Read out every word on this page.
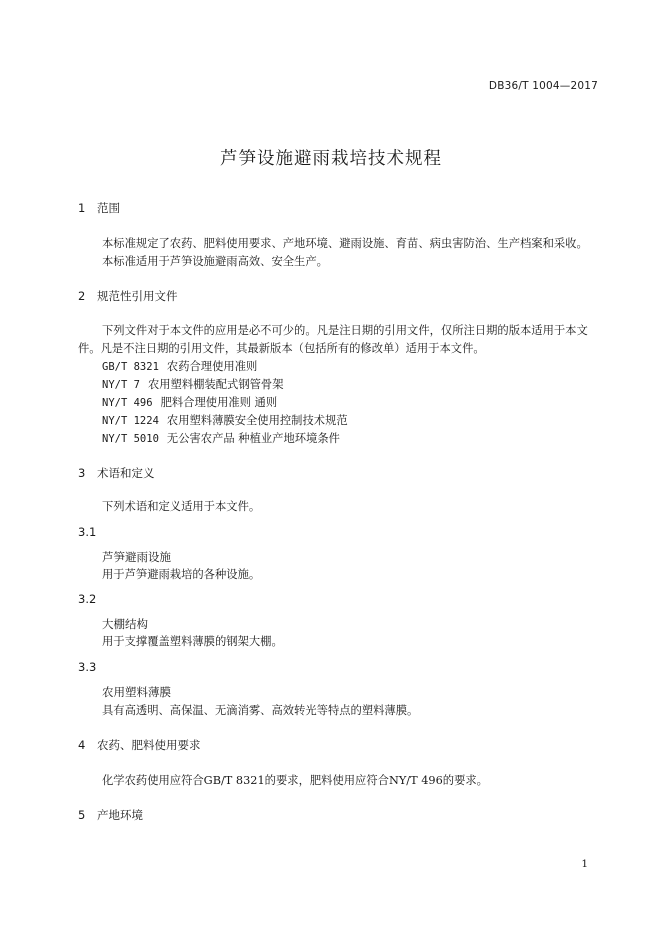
DB36/T 1004—2017
芦笋设施避雨栽培技术规程
1 范围
本标准规定了农药、肥料使用要求、产地环境、避雨设施、育苗、病虫害防治、生产档案和采收。
本标准适用于芦笋设施避雨高效、安全生产。
2 规范性引用文件
下列文件对于本文件的应用是必不可少的。凡是注日期的引用文件，仅所注日期的版本适用于本文
件。凡是不注日期的引用文件，其最新版本（包括所有的修改单）适用于本文件。
GB/T 8321 农药合理使用准则
NY/T 7 农用塑料棚装配式钢管骨架
NY/T 496 肥料合理使用准则 通则
NY/T 1224 农用塑料薄膜安全使用控制技术规范
NY/T 5010 无公害农产品 种植业产地环境条件
3 术语和定义
下列术语和定义适用于本文件。
3.1
芦笋避雨设施
用于芦笋避雨栽培的各种设施。
3.2
大棚结构
用于支撑覆盖塑料薄膜的钢架大棚。
3.3
农用塑料薄膜
具有高透明、高保温、无滴消雾、高效转光等特点的塑料薄膜。
4 农药、肥料使用要求
化学农药使用应符合GB/T 8321的要求，肥料使用应符合NY/T 496的要求。
5 产地环境
1
